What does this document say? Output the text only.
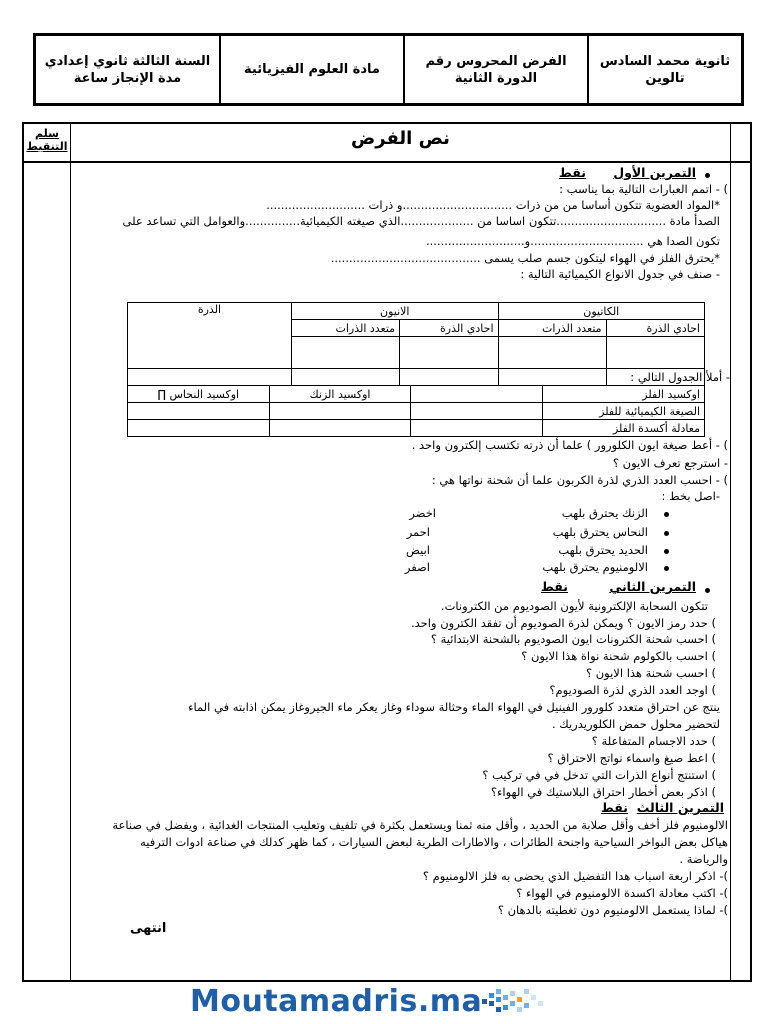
السنة الثالثة ثانوي إعدادي
مدة الإنجاز ساعة
مادة العلوم الفيزيائية
الفرض المحروس رقم
الدورة الثانية
ثانوية محمد السادس
تالوين
سلم
التنقيط	نص الفرض
التمرين الأول
نقط
) - اتمم العبارات التالية بما يناسب :
*المواد العضوية تتكون أساسا من من ذرات ..............................و ذرات ...........................
الصدأ مادة ..............................تتكون اساسا من ....................الذي صيغته الكيميائية...............والعوامل التي تساعد على
تكون الصدا هي ...............................و...........................
*يحترق الفلز في الهواء ليتكون جسم صلب يسمى .........................................
- صنف في جدول الانواع الكيميائية التالية :
الكاتيون		الانيون		الذرة
احادي الذرة	متعدد الذرات	احادي الذرة	متعدد الذرات	

- أملأ الجدول التالي :
اوكسيد الفلز		اوكسيد الزنك	اوكسيد النحاس ∏
الصيغة الكيميائية للفلز			
معادلة أكسدة الفلز			
) - أعط صيغة ايون الكلورور ) علما أن ذرته تكتسب إلكترون واحد .
- استرجع تعرف الايون ؟
) - احسب العدد الذري لذرة الكربون علما أن شحنة نواتها هي :
-اصل بخط :
الزنك يحترق بلهب
اخضر
النحاس يحترق بلهب
احمر
الحديد يحترق بلهب
ابيض
الالومنيوم يحترق بلهب
اصفر
التمرين الثاني
نقط
تتكون السحابة الإلكترونية لأيون الصوديوم من الكترونات.
) حدد رمز الايون ؟ ويمكن لذرة الصوديوم أن تفقد الكترون واحد.
) احسب شحنة الكترونات ايون الصوديوم بالشحنة الابتدائية ؟
) احسب بالكولوم شحنة نواة هذا الايون ؟
) احسب شحنة هذا الايون ؟
) اوجد العدد الذري لذرة الصوديوم؟
ينتج عن احتراق متعدد كلورور الفينيل في الهواء الماء وحثالة سوداء وغاز يعكر ماء الجيروغاز يمكن اذابته في الماء
لتحضير محلول حمض الكلوريدريك .
) حدد الاجسام المتفاعلة ؟
) اعط صيغ واسماء نواتج الاحتراق ؟
) استنتج أنواع الذرات التي تدخل في في تركيب ؟
) اذكر بعض أخطار احتراق البلاستيك في الهواء؟
التمرين الثالث
نقط
الالومنيوم فلز أخف وأقل صلابة من الحديد ، وأقل منه ثمنا ويستعمل بكثرة في تلفيف وتعليب المنتجات الغدائية ، ويفضل في صناعة
هياكل بعض البواخر السياحية واجنحة الطائرات ، والاطارات الطرية لبعض السيارات ، كما ظهر كدلك في صناعة ادوات الترفيه
والرياضة .
)- اذكر اربعة اسباب هدا التفضيل الذي يحضى به فلز الالومنيوم ؟
)- اكتب معادلة اكسدة الالومنيوم في الهواء ؟
)- لماذا يستعمل الالومنيوم دون تغطيته بالدهان ؟
انتهى
Moutamadris.ma
